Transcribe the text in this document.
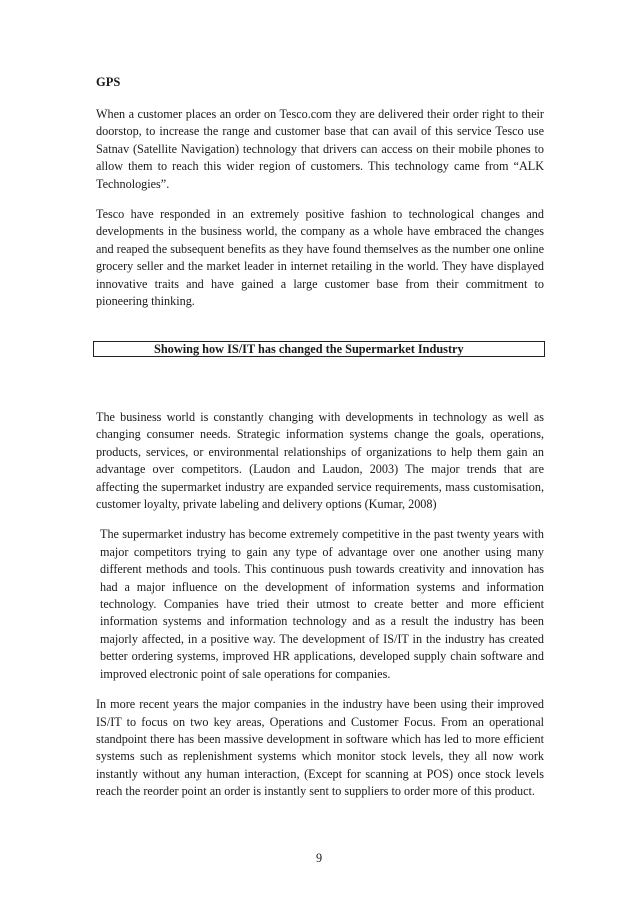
GPS

When a customer places an order on Tesco.com they are delivered their order right to their doorstop, to increase the range and customer base that can avail of this service Tesco use Satnav (Satellite Navigation) technology that drivers can access on their mobile phones to allow them to reach this wider region of customers. This technology came from “ALK Technologies”.

Tesco have responded in an extremely positive fashion to technological changes and developments in the business world, the company as a whole have embraced the changes and reaped the subsequent benefits as they have found themselves as the number one online grocery seller and the market leader in internet retailing in the world. They have displayed innovative traits and have gained a large customer base from their commitment to pioneering thinking.

Showing how IS/IT has changed the Supermarket Industry

The business world is constantly changing with developments in technology as well as changing consumer needs. Strategic information systems change the goals, operations, products, services, or environmental relationships of organizations to help them gain an advantage over competitors. (Laudon and Laudon, 2003) The major trends that are affecting the supermarket industry are expanded service requirements, mass customisation, customer loyalty, private labeling and delivery options (Kumar, 2008)

The supermarket industry has become extremely competitive in the past twenty years with major competitors trying to gain any type of advantage over one another using many different methods and tools. This continuous push towards creativity and innovation has had a major influence on the development of information systems and information technology. Companies have tried their utmost to create better and more efficient information systems and information technology and as a result the industry has been majorly affected, in a positive way. The development of IS/IT in the industry has created better ordering systems, improved HR applications, developed supply chain software and improved electronic point of sale operations for companies.

In more recent years the major companies in the industry have been using their improved IS/IT to focus on two key areas, Operations and Customer Focus. From an operational standpoint there has been massive development in software which has led to more efficient systems such as replenishment systems which monitor stock levels, they all now work instantly without any human interaction, (Except for scanning at POS) once stock levels reach the reorder point an order is instantly sent to suppliers to order more of this product.

9
